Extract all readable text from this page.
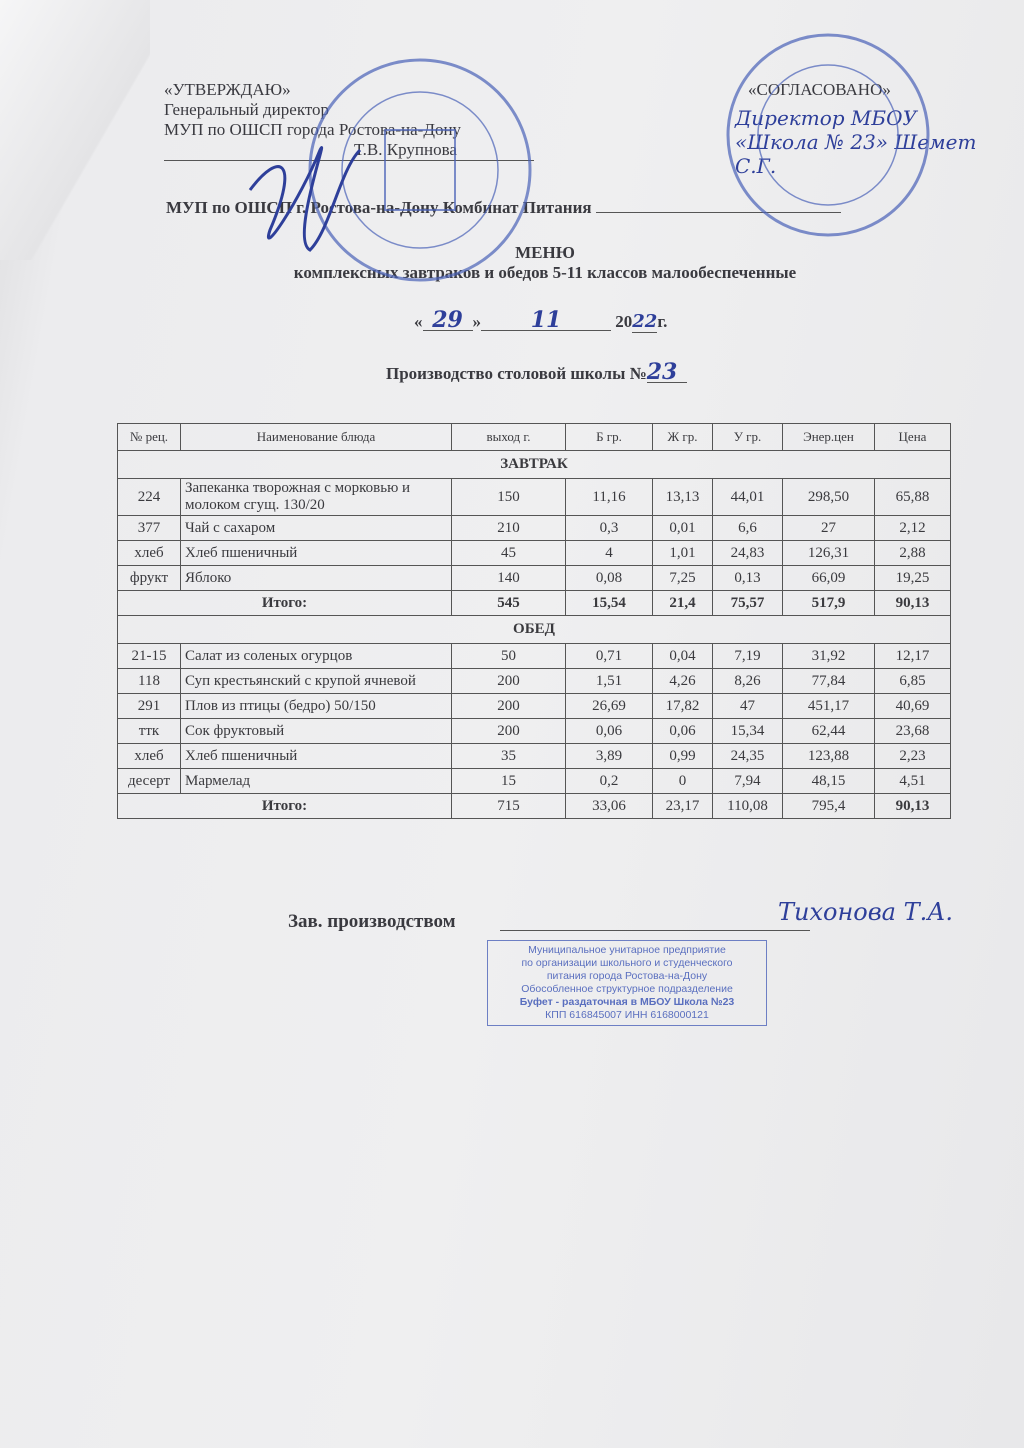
«УТВЕРЖДАЮ»
Генеральный директор
МУП по ОШСП города Ростова-на-Дону
Т.В. Крупнова
«СОГЛАСОВАНО»
Директор МБОУ «Школа № 23» Шемет С.Г.
МУП по ОШСП г. Ростова-на-Дону Комбинат Питания
МЕНЮ
комплексных завтраков и обедов 5-11 классов малообеспеченные
« 29 » 11	2022г.
Производство столовой школы №23
№ рец.	Наименование блюда	выход г.	Б гр.	Ж гр.	У гр.	Энер.цен	Цена
ЗАВТРАК							
224	Запеканка творожная с морковью и молоком сгущ. 130/20	150	11,16	13,13	44,01	298,50	65,88
377	Чай с сахаром	210	0,3	0,01	6,6	27	2,12
хлеб	Хлеб пшеничный	45	4	1,01	24,83	126,31	2,88
фрукт	Яблоко	140	0,08	7,25	0,13	66,09	19,25
Итого:		545	15,54	21,4	75,57	517,9	90,13
ОБЕД							
21-15	Салат из соленых огурцов	50	0,71	0,04	7,19	31,92	12,17
118	Суп крестьянский с крупой ячневой	200	1,51	4,26	8,26	77,84	6,85
291	Плов из птицы (бедро) 50/150	200	26,69	17,82	47	451,17	40,69
ттк	Сок фруктовый	200	0,06	0,06	15,34	62,44	23,68
хлеб	Хлеб пшеничный	35	3,89	0,99	24,35	123,88	2,23
десерт	Мармелад	15	0,2	0	7,94	48,15	4,51
Итого:		715	33,06	23,17	110,08	795,4	90,13
Зав. производством	Тихонова Т.А.
Муниципальное унитарное предприятие
по организации школьного и студенческого
питания города Ростова-на-Дону
Обособленное структурное подразделение
Буфет - раздаточная в МБОУ Школа №23
КПП 616845007 ИНН 6168000121
